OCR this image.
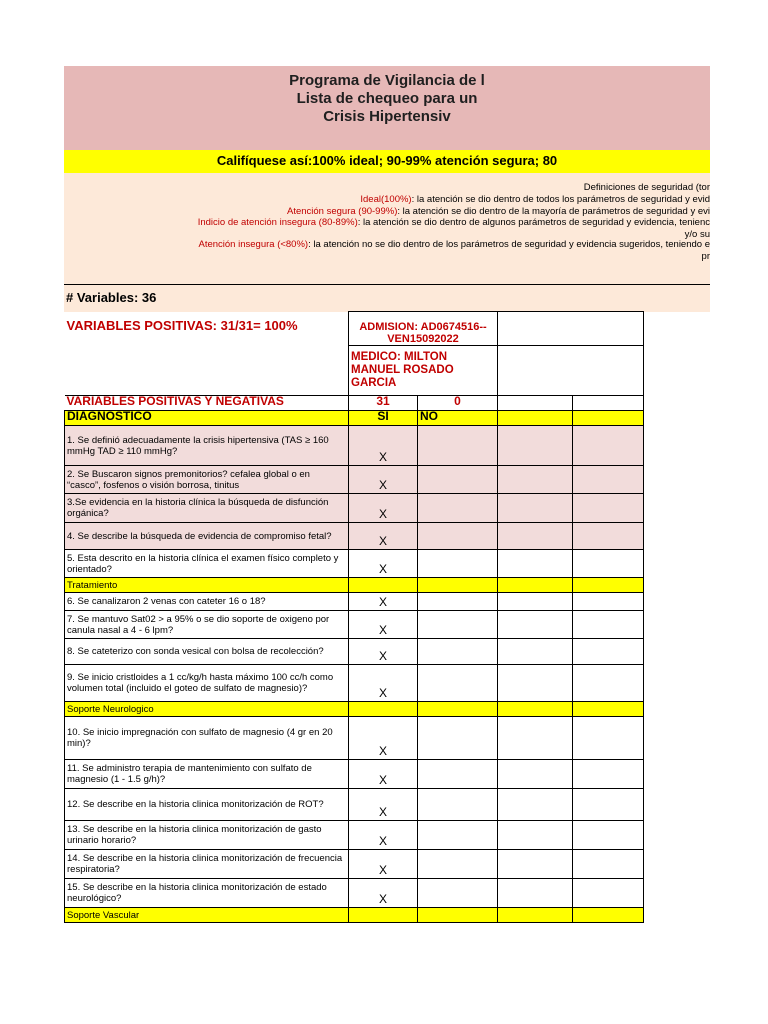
Programa de Vigilancia de l
Lista de chequeo para un
Crisis Hipertensiv
Califíquese así:100% ideal; 90-99% atención segura; 80
Definiciones de seguridad (tor
Ideal(100%): la atención se dio dentro de todos los parámetros de seguridad y evid
Atención segura (90-99%): la atención se dio dentro de la mayoría de parámetros de seguridad y evi
Indicio de atención insegura (80-89%): la atención se dio dentro de algunos parámetros de seguridad y evidencia, tenienc
y/o su
Atención insegura (<80%): la atención no se dio dentro de los parámetros de seguridad y evidencia sugeridos, teniendo e
pr
# Variables: 36
VARIABLES POSITIVAS: 31/31= 100%	ADMISION: AD0674516-- VEN15092022			
	MEDICO: MILTON MANUEL ROSADO GARCIA			
VARIABLES POSITIVAS Y NEGATIVAS	31	0		
DIAGNOSTICO	SI	NO		
1. Se definió adecuadamente la crisis hipertensiva (TAS ≥ 160 mmHg TAD ≥ 110 mmHg?	X			
2. Se Buscaron signos premonitorios? cefalea global o en “casco”, fosfenos o visión borrosa, tinitus	X			
3.Se evidencia en la historia clínica la búsqueda de disfunción orgánica?	X			
4. Se describe la búsqueda de evidencia de compromiso fetal?	X			
5. Esta descrito en la historia clínica el examen físico completo y orientado?	X			
Tratamiento				
6. Se canalizaron 2 venas con cateter 16 o 18?	X			
7. Se mantuvo Sat02 > a 95% o se dio soporte de oxigeno por canula nasal a 4 - 6 lpm?	X			
8. Se cateterizo con sonda vesical con bolsa de recolección?	X			
9. Se inicio cristloides a 1 cc/kg/h hasta máximo 100 cc/h como volumen total (incluido el goteo de sulfato de magnesio)?	X			
Soporte Neurologico				
10. Se inicio impregnación con sulfato de magnesio (4 gr en 20 min)?	X			
11. Se administro terapia de mantenimiento con sulfato de magnesio (1 - 1.5 g/h)?	X			
12. Se describe en la historia clinica monitorización de ROT?	X			
13. Se describe en la historia clinica monitorización de gasto urinario horario?	X			
14. Se describe en la historia clinica monitorización de frecuencia respiratoria?	X			
15. Se describe en la historia clinica monitorización de estado neurológico?	X			
Soporte Vascular				
